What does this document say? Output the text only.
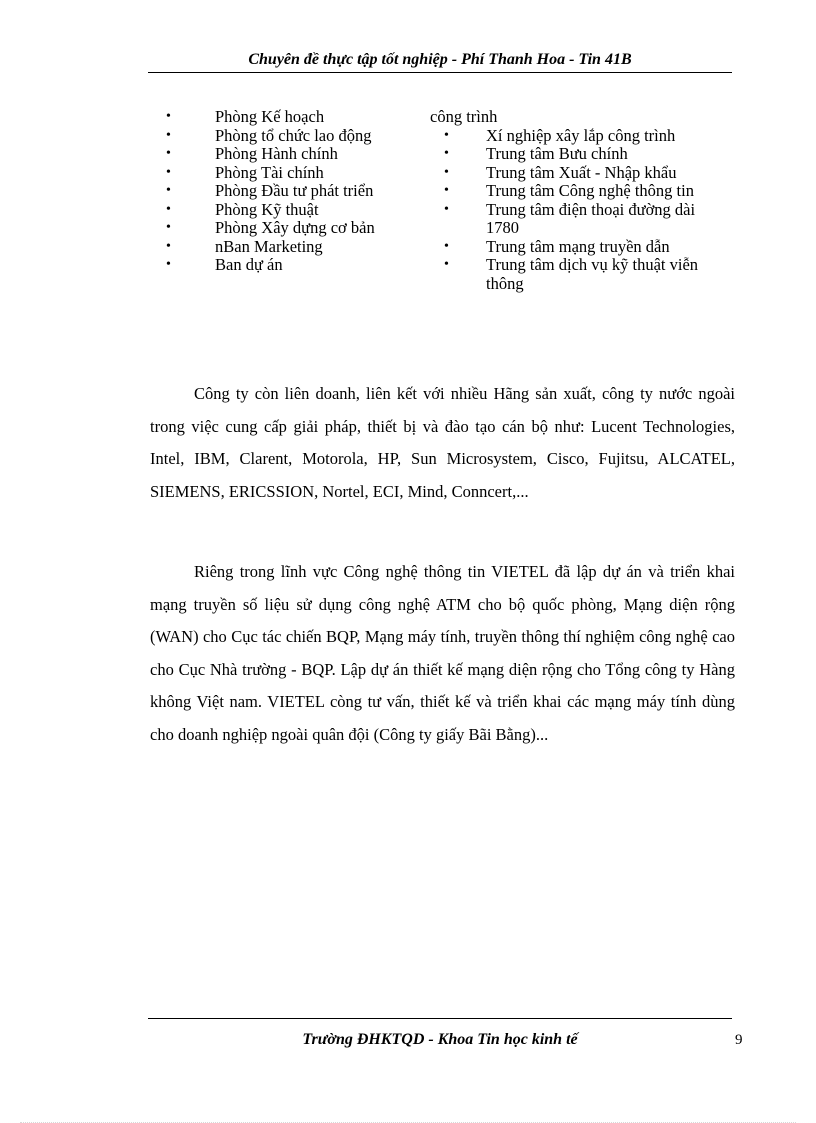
Chuyên đề thực tập tốt nghiệp - Phí Thanh Hoa - Tin 41B
•	Phòng Kế hoạch
•	Phòng tổ chức lao động
•	Phòng Hành chính
•	Phòng Tài chính
•	Phòng Đầu tư phát triển
•	Phòng Kỹ thuật
•	Phòng Xây dựng cơ bản
•	nBan Marketing
•	Ban dự án
công trình
• Xí nghiệp xây lắp công trình
• Trung tâm Bưu chính
• Trung tâm Xuất - Nhập khẩu
• Trung tâm Công nghệ thông tin
• Trung tâm điện thoại đường dài 1780
• Trung tâm mạng truyền dẫn
• Trung tâm dịch vụ kỹ thuật viễn thông

Công ty còn liên doanh, liên kết với nhiều Hãng sản xuất, công ty nước ngoài trong việc cung cấp giải pháp, thiết bị và đào tạo cán bộ như: Lucent Technologies, Intel, IBM, Clarent, Motorola, HP, Sun Microsystem, Cisco, Fujitsu, ALCATEL, SIEMENS, ERICSSION, Nortel, ECI, Mind, Conncert,...

Riêng trong lĩnh vực Công nghệ thông tin VIETEL đã lập dự án và triển khai mạng truyền số liệu sử dụng công nghệ ATM cho bộ quốc phòng, Mạng diện rộng (WAN) cho Cục tác chiến BQP, Mạng máy tính, truyền thông thí nghiệm công nghệ cao cho Cục Nhà trường - BQP. Lập dự án thiết kế mạng diện rộng cho Tổng công ty Hàng không Việt nam. VIETEL còng tư vấn, thiết kế và triển khai các mạng máy tính dùng cho doanh nghiệp ngoài quân đội (Công ty giấy Bãi Bằng)...

Trường ĐHKTQD - Khoa Tin học kinh tế	9
